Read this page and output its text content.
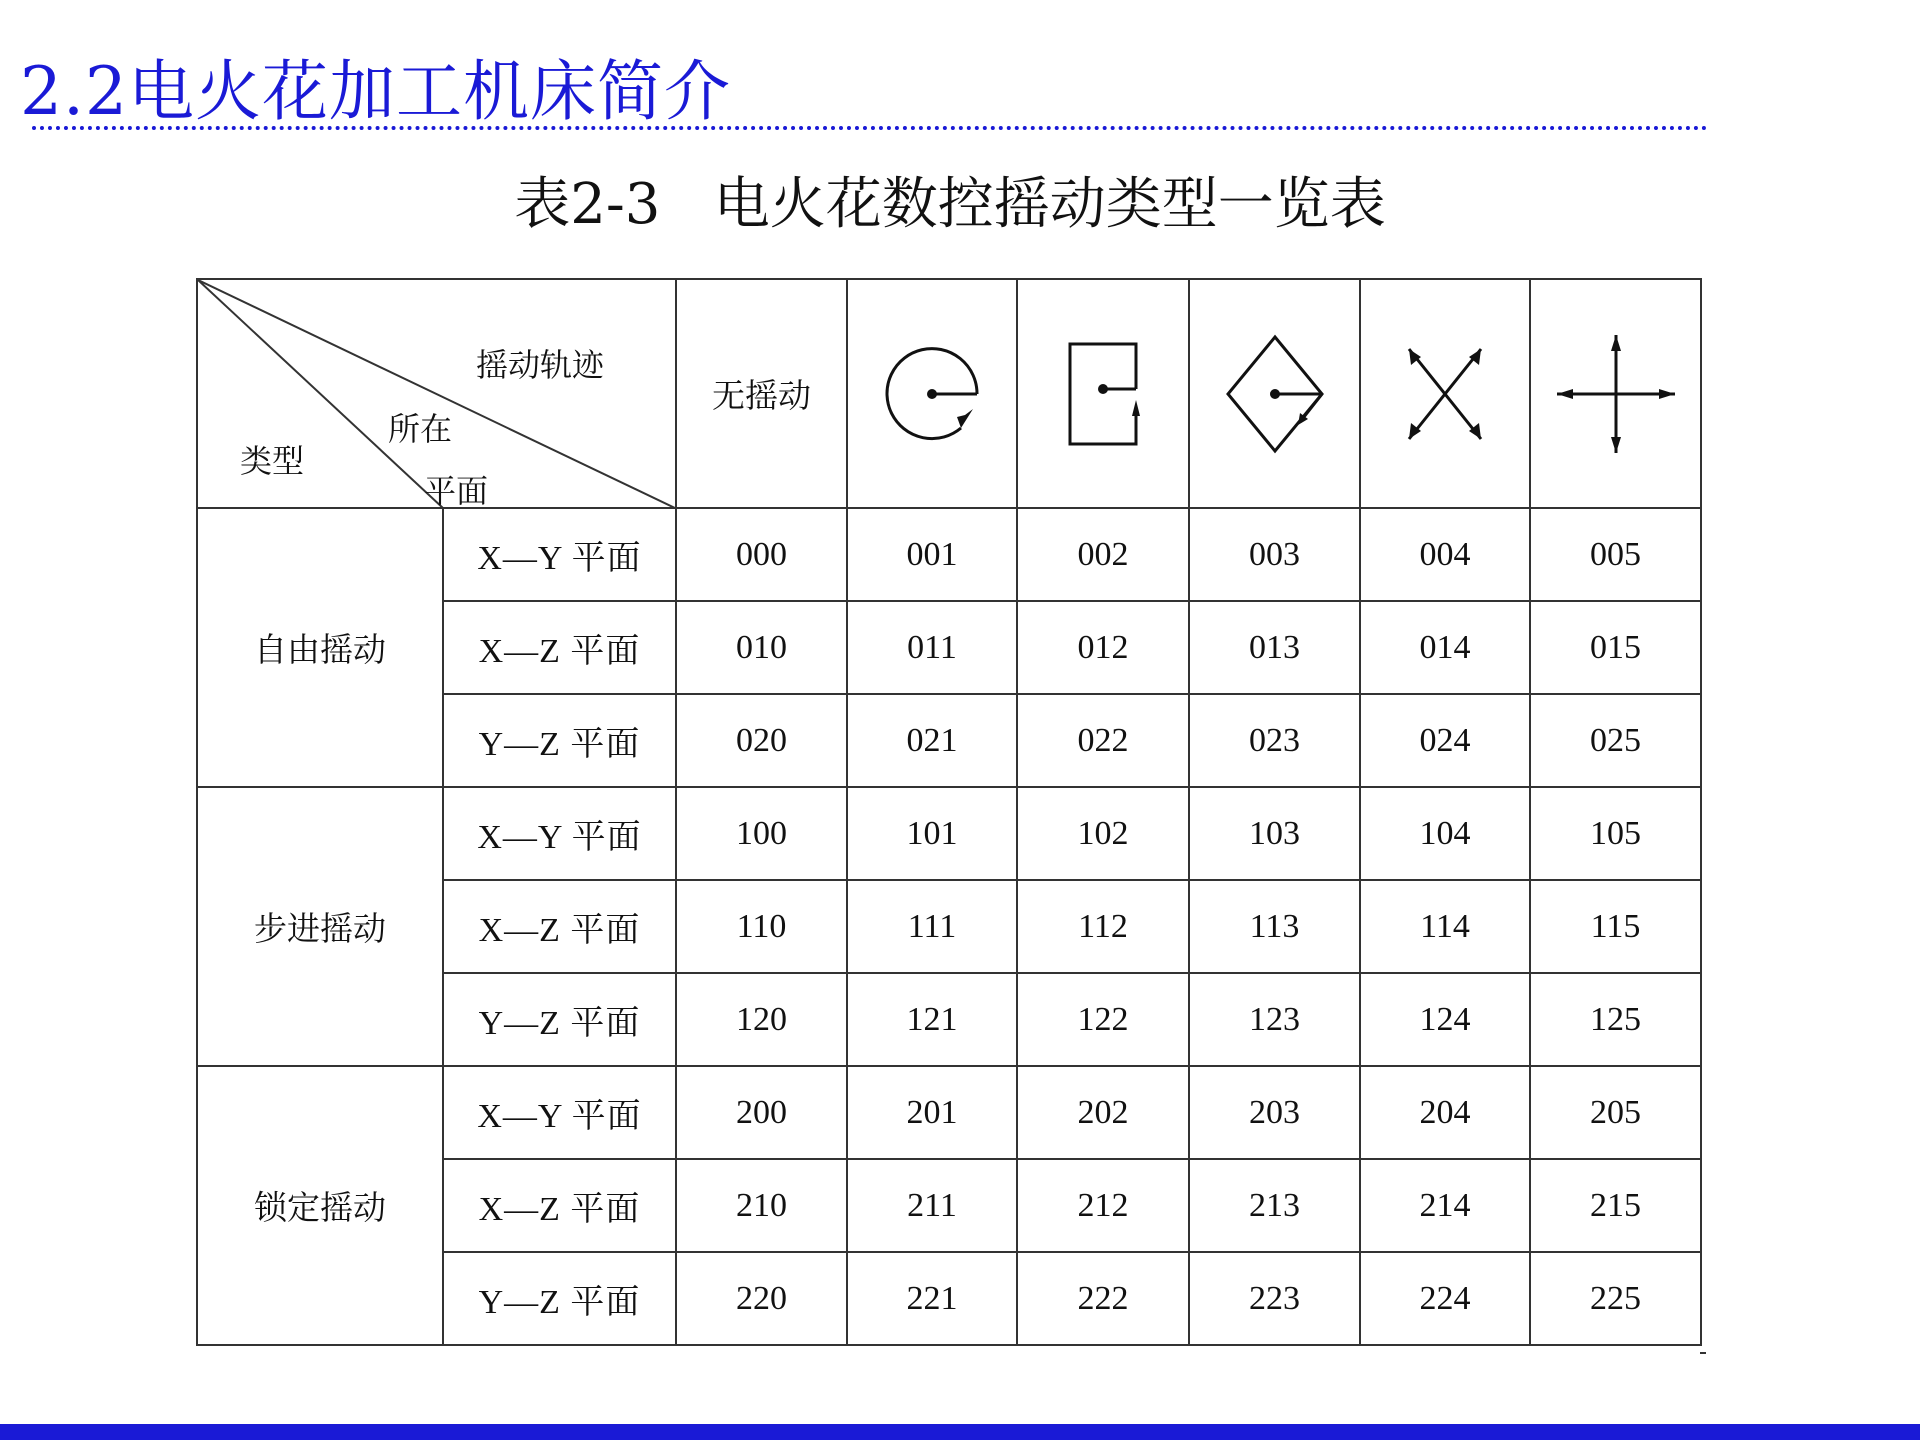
2.2电火花加工机床简介
表2-3   电火花数控摇动类型一览表
摇动轨迹
所在
平面
类型		无摇动	

自由摇动	X—Y 平面	000	001	002	003	004	005
	X—Z 平面	010	011	012	013	014	015
	Y—Z 平面	020	021	022	023	024	025
步进摇动	X—Y 平面	100	101	102	103	104	105
	X—Z 平面	110	111	112	113	114	115
	Y—Z 平面	120	121	122	123	124	125
锁定摇动	X—Y 平面	200	201	202	203	204	205
	X—Z 平面	210	211	212	213	214	215
	Y—Z 平面	220	221	222	223	224	225
